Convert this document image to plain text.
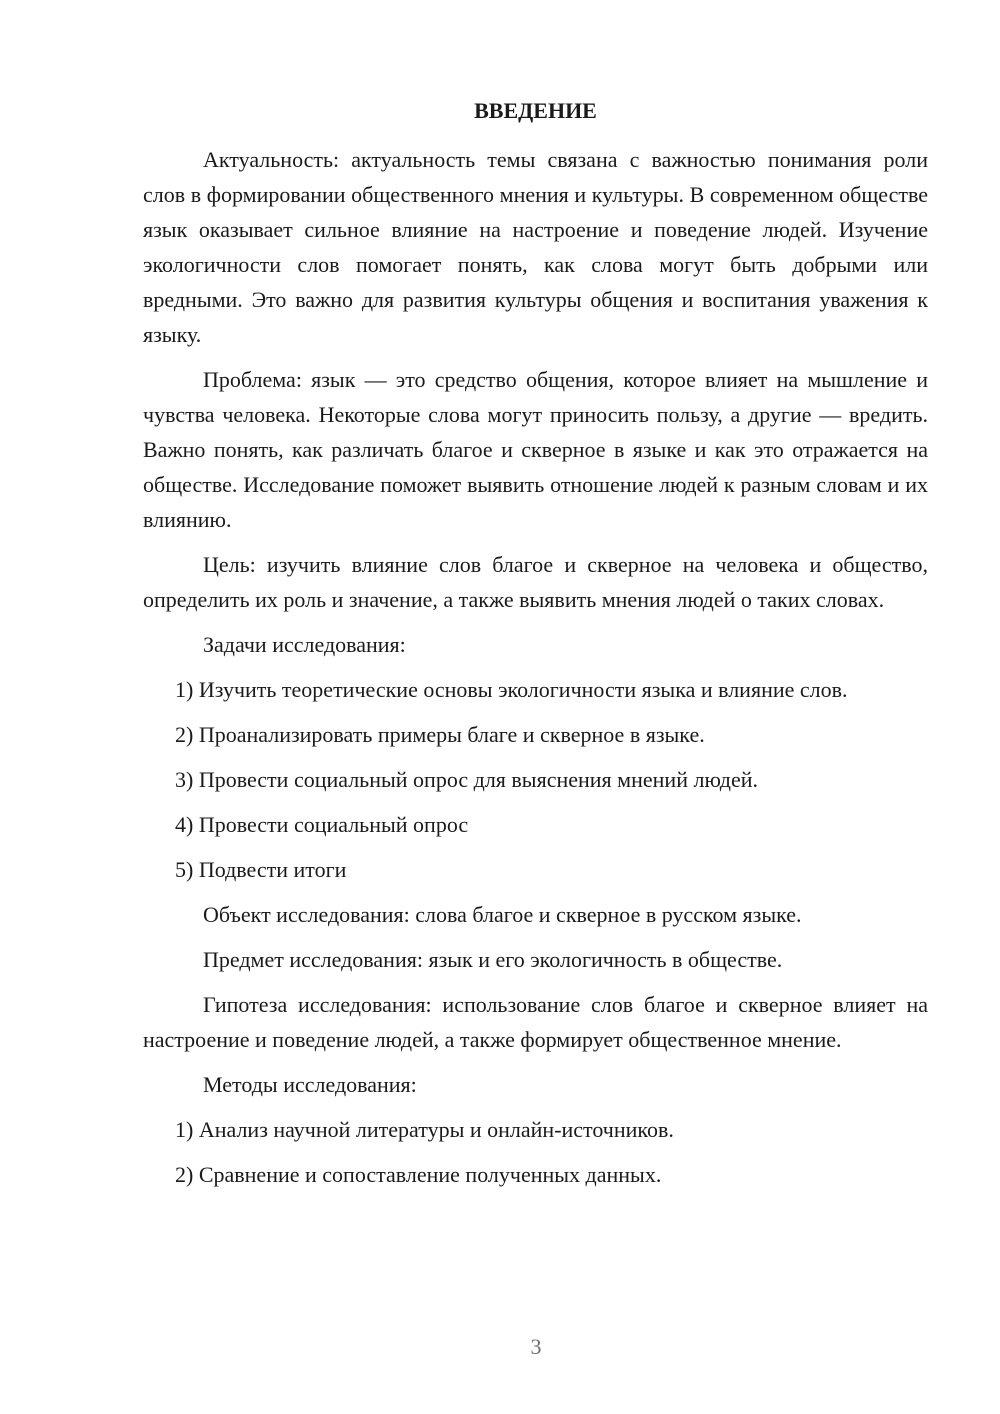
ВВЕДЕНИЕ

Актуальность: актуальность темы связана с важностью понимания роли слов в формировании общественного мнения и культуры. В современном обществе язык оказывает сильное влияние на настроение и поведение людей. Изучение экологичности слов помогает понять, как слова могут быть добрыми или вредными. Это важно для развития культуры общения и воспитания уважения к языку.

Проблема: язык — это средство общения, которое влияет на мышление и чувства человека. Некоторые слова могут приносить пользу, а другие — вредить. Важно понять, как различать благое и скверное в языке и как это отражается на обществе. Исследование поможет выявить отношение людей к разным словам и их влиянию.

Цель: изучить влияние слов благое и скверное на человека и общество, определить их роль и значение, а также выявить мнения людей о таких словах.

Задачи исследования:

1) Изучить теоретические основы экологичности языка и влияние слов.

2) Проанализировать примеры благе и скверное в языке.

3) Провести социальный опрос для выяснения мнений людей.

4) Провести социальный опрос

5) Подвести итоги

Объект исследования: слова благое и скверное в русском языке.

Предмет исследования: язык и его экологичность в обществе.

Гипотеза исследования: использование слов благое и скверное влияет на настроение и поведение людей, а также формирует общественное мнение.

Методы исследования:

1) Анализ научной литературы и онлайн-источников.

2) Сравнение и сопоставление полученных данных.

3
